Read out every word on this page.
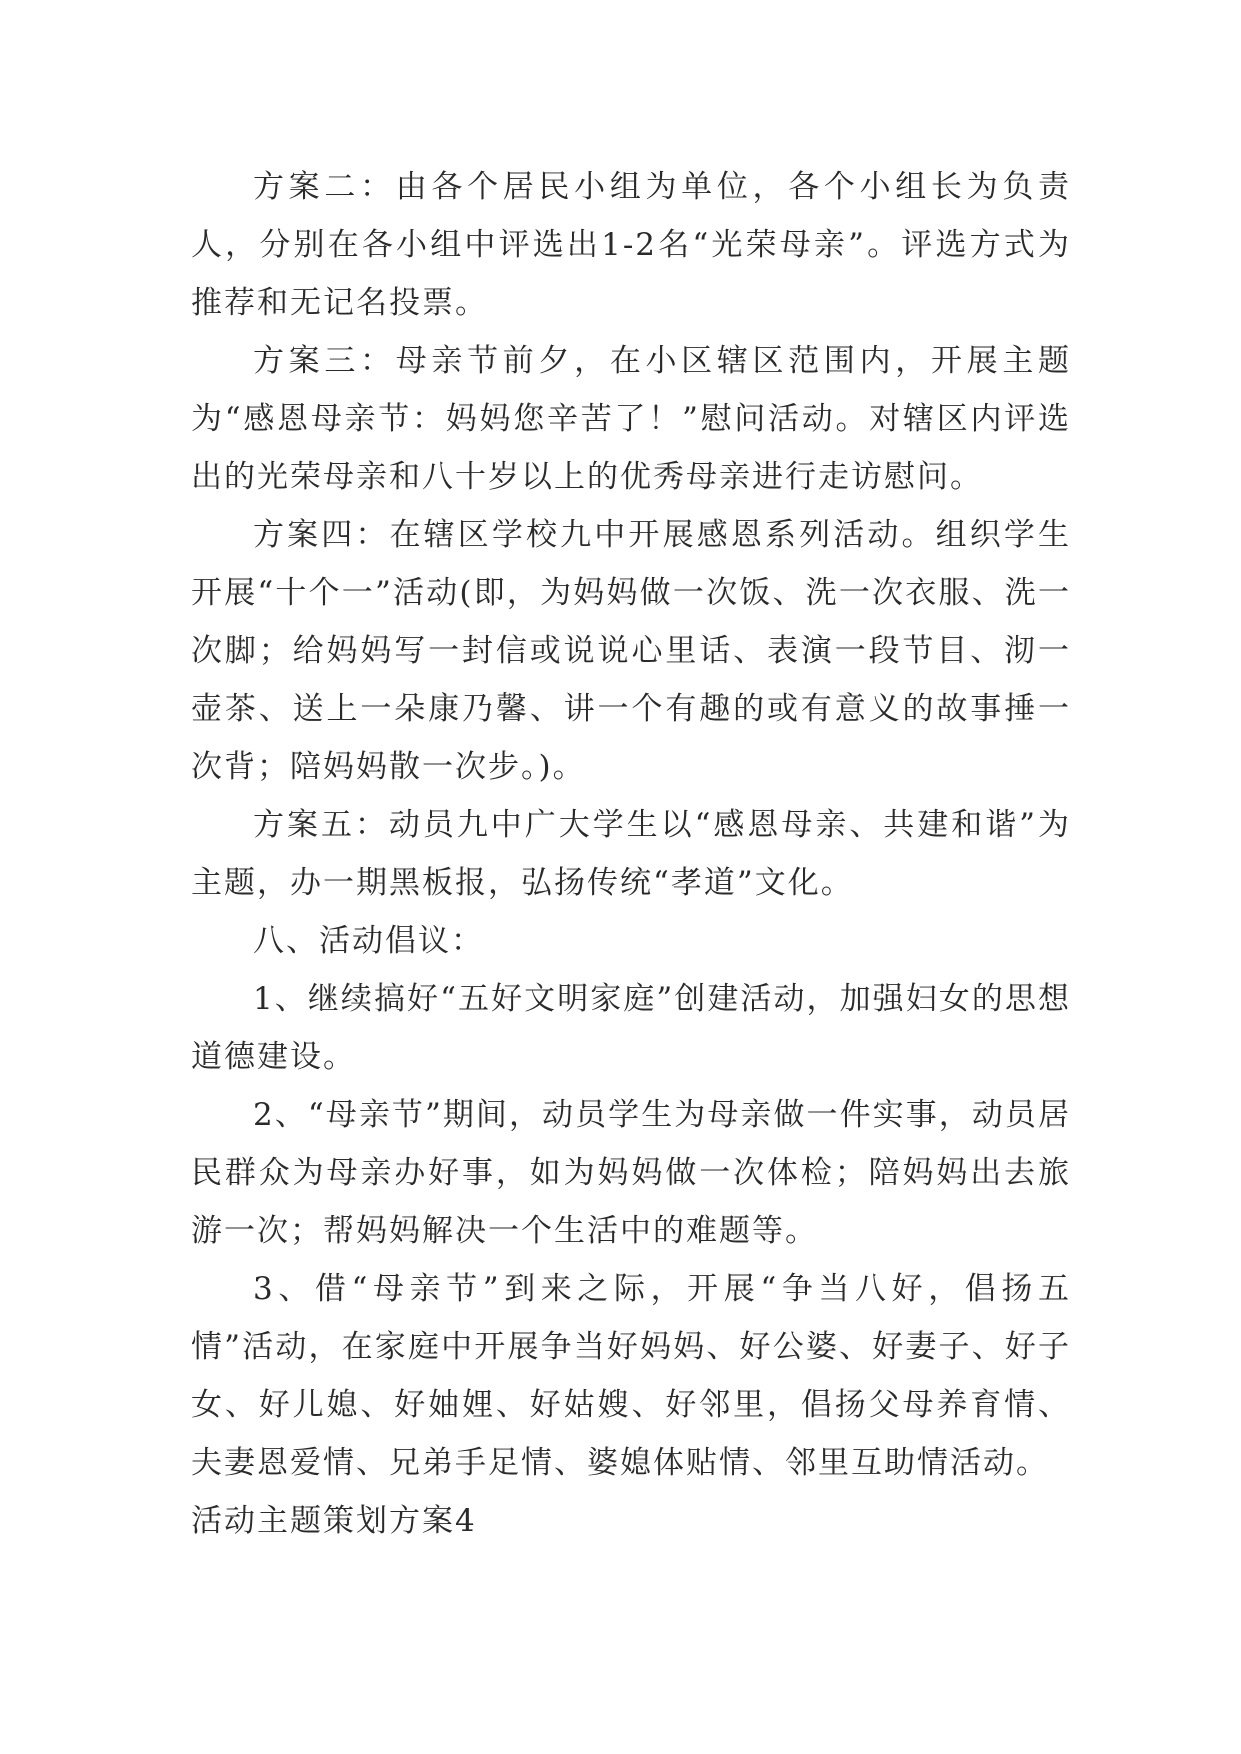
方案二：由各个居民小组为单位，各个小组长为负责人，分别在各小组中评选出1-2名“光荣母亲”。评选方式为推荐和无记名投票。

方案三：母亲节前夕，在小区辖区范围内，开展主题为“感恩母亲节：妈妈您辛苦了！”慰问活动。对辖区内评选出的光荣母亲和八十岁以上的优秀母亲进行走访慰问。

方案四：在辖区学校九中开展感恩系列活动。组织学生开展“十个一”活动(即，为妈妈做一次饭、洗一次衣服、洗一次脚；给妈妈写一封信或说说心里话、表演一段节目、沏一壶茶、送上一朵康乃馨、讲一个有趣的或有意义的故事捶一次背；陪妈妈散一次步。)。

方案五：动员九中广大学生以“感恩母亲、共建和谐”为主题，办一期黑板报，弘扬传统“孝道”文化。

八、活动倡议：

1、继续搞好“五好文明家庭”创建活动，加强妇女的思想道德建设。

2、“母亲节”期间，动员学生为母亲做一件实事，动员居民群众为母亲办好事，如为妈妈做一次体检；陪妈妈出去旅游一次；帮妈妈解决一个生活中的难题等。

3、借“母亲节”到来之际，开展“争当八好，倡扬五情”活动，在家庭中开展争当好妈妈、好公婆、好妻子、好子女、好儿媳、好妯娌、好姑嫂、好邻里，倡扬父母养育情、夫妻恩爱情、兄弟手足情、婆媳体贴情、邻里互助情活动。

活动主题策划方案4
